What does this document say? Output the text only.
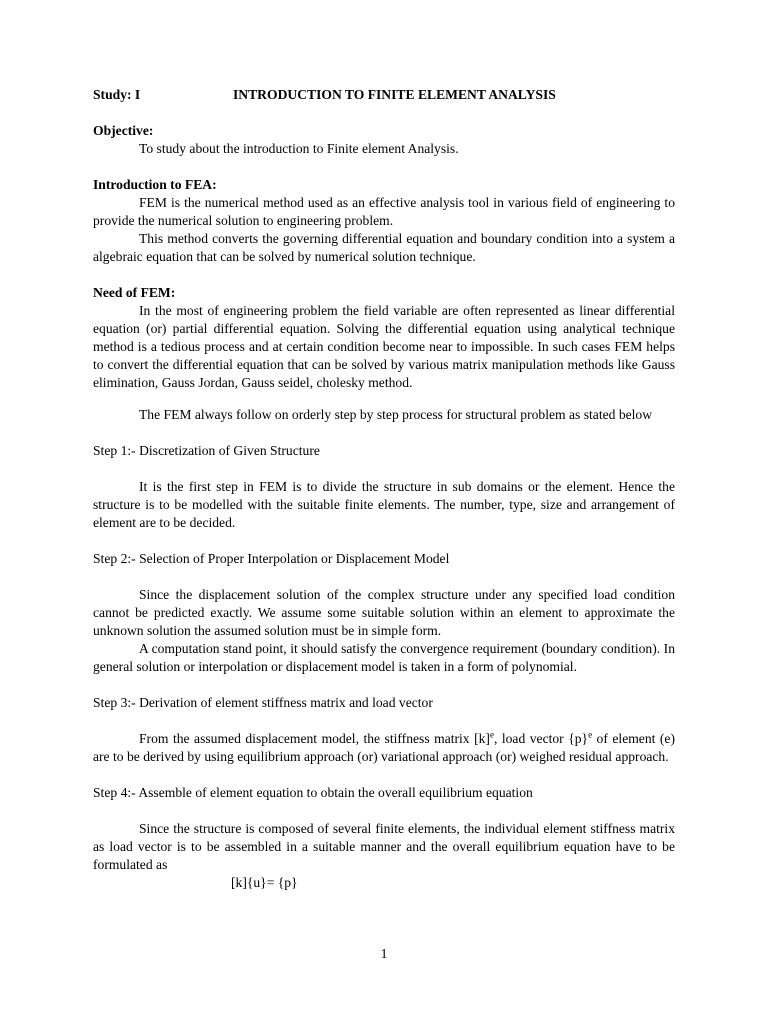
Study: I	INTRODUCTION TO FINITE ELEMENT ANALYSIS
Objective:

To study about the introduction to Finite element Analysis.

Introduction to FEA:

FEM is the numerical method used as an effective analysis tool in various field of engineering to provide the numerical solution to engineering problem.

This method converts the governing differential equation and boundary condition into a system a algebraic equation that can be solved by numerical solution technique.

Need of FEM:

In the most of engineering problem the field variable are often represented as linear differential equation (or) partial differential equation. Solving the differential equation using analytical technique method is a tedious process and at certain condition become near to impossible. In such cases FEM helps to convert the differential equation that can be solved by various matrix manipulation methods like Gauss elimination, Gauss Jordan, Gauss seidel, cholesky method.

The FEM always follow on orderly step by step process for structural problem as stated below

Step 1:- Discretization of Given Structure

It is the first step in FEM is to divide the structure in sub domains or the element. Hence the structure is to be modelled with the suitable finite elements. The number, type, size and arrangement of element are to be decided.

Step 2:- Selection of Proper Interpolation or Displacement Model

Since the displacement solution of the complex structure under any specified load condition cannot be predicted exactly. We assume some suitable solution within an element to approximate the unknown solution the assumed solution must be in simple form.

A computation stand point, it should satisfy the convergence requirement (boundary condition). In general solution or interpolation or displacement model is taken in a form of polynomial.

Step 3:- Derivation of element stiffness matrix and load vector

From the assumed displacement model, the stiffness matrix $[k]^e$, load vector $\{p\}^e$ of element (e) are to be derived by using equilibrium approach (or) variational approach (or) weighed residual approach.

Step 4:- Assemble of element equation to obtain the overall equilibrium equation

Since the structure is composed of several finite elements, the individual element stiffness matrix as load vector is to be assembled in a suitable manner and the overall equilibrium equation have to be formulated as

[k]{u}= {p}
1
